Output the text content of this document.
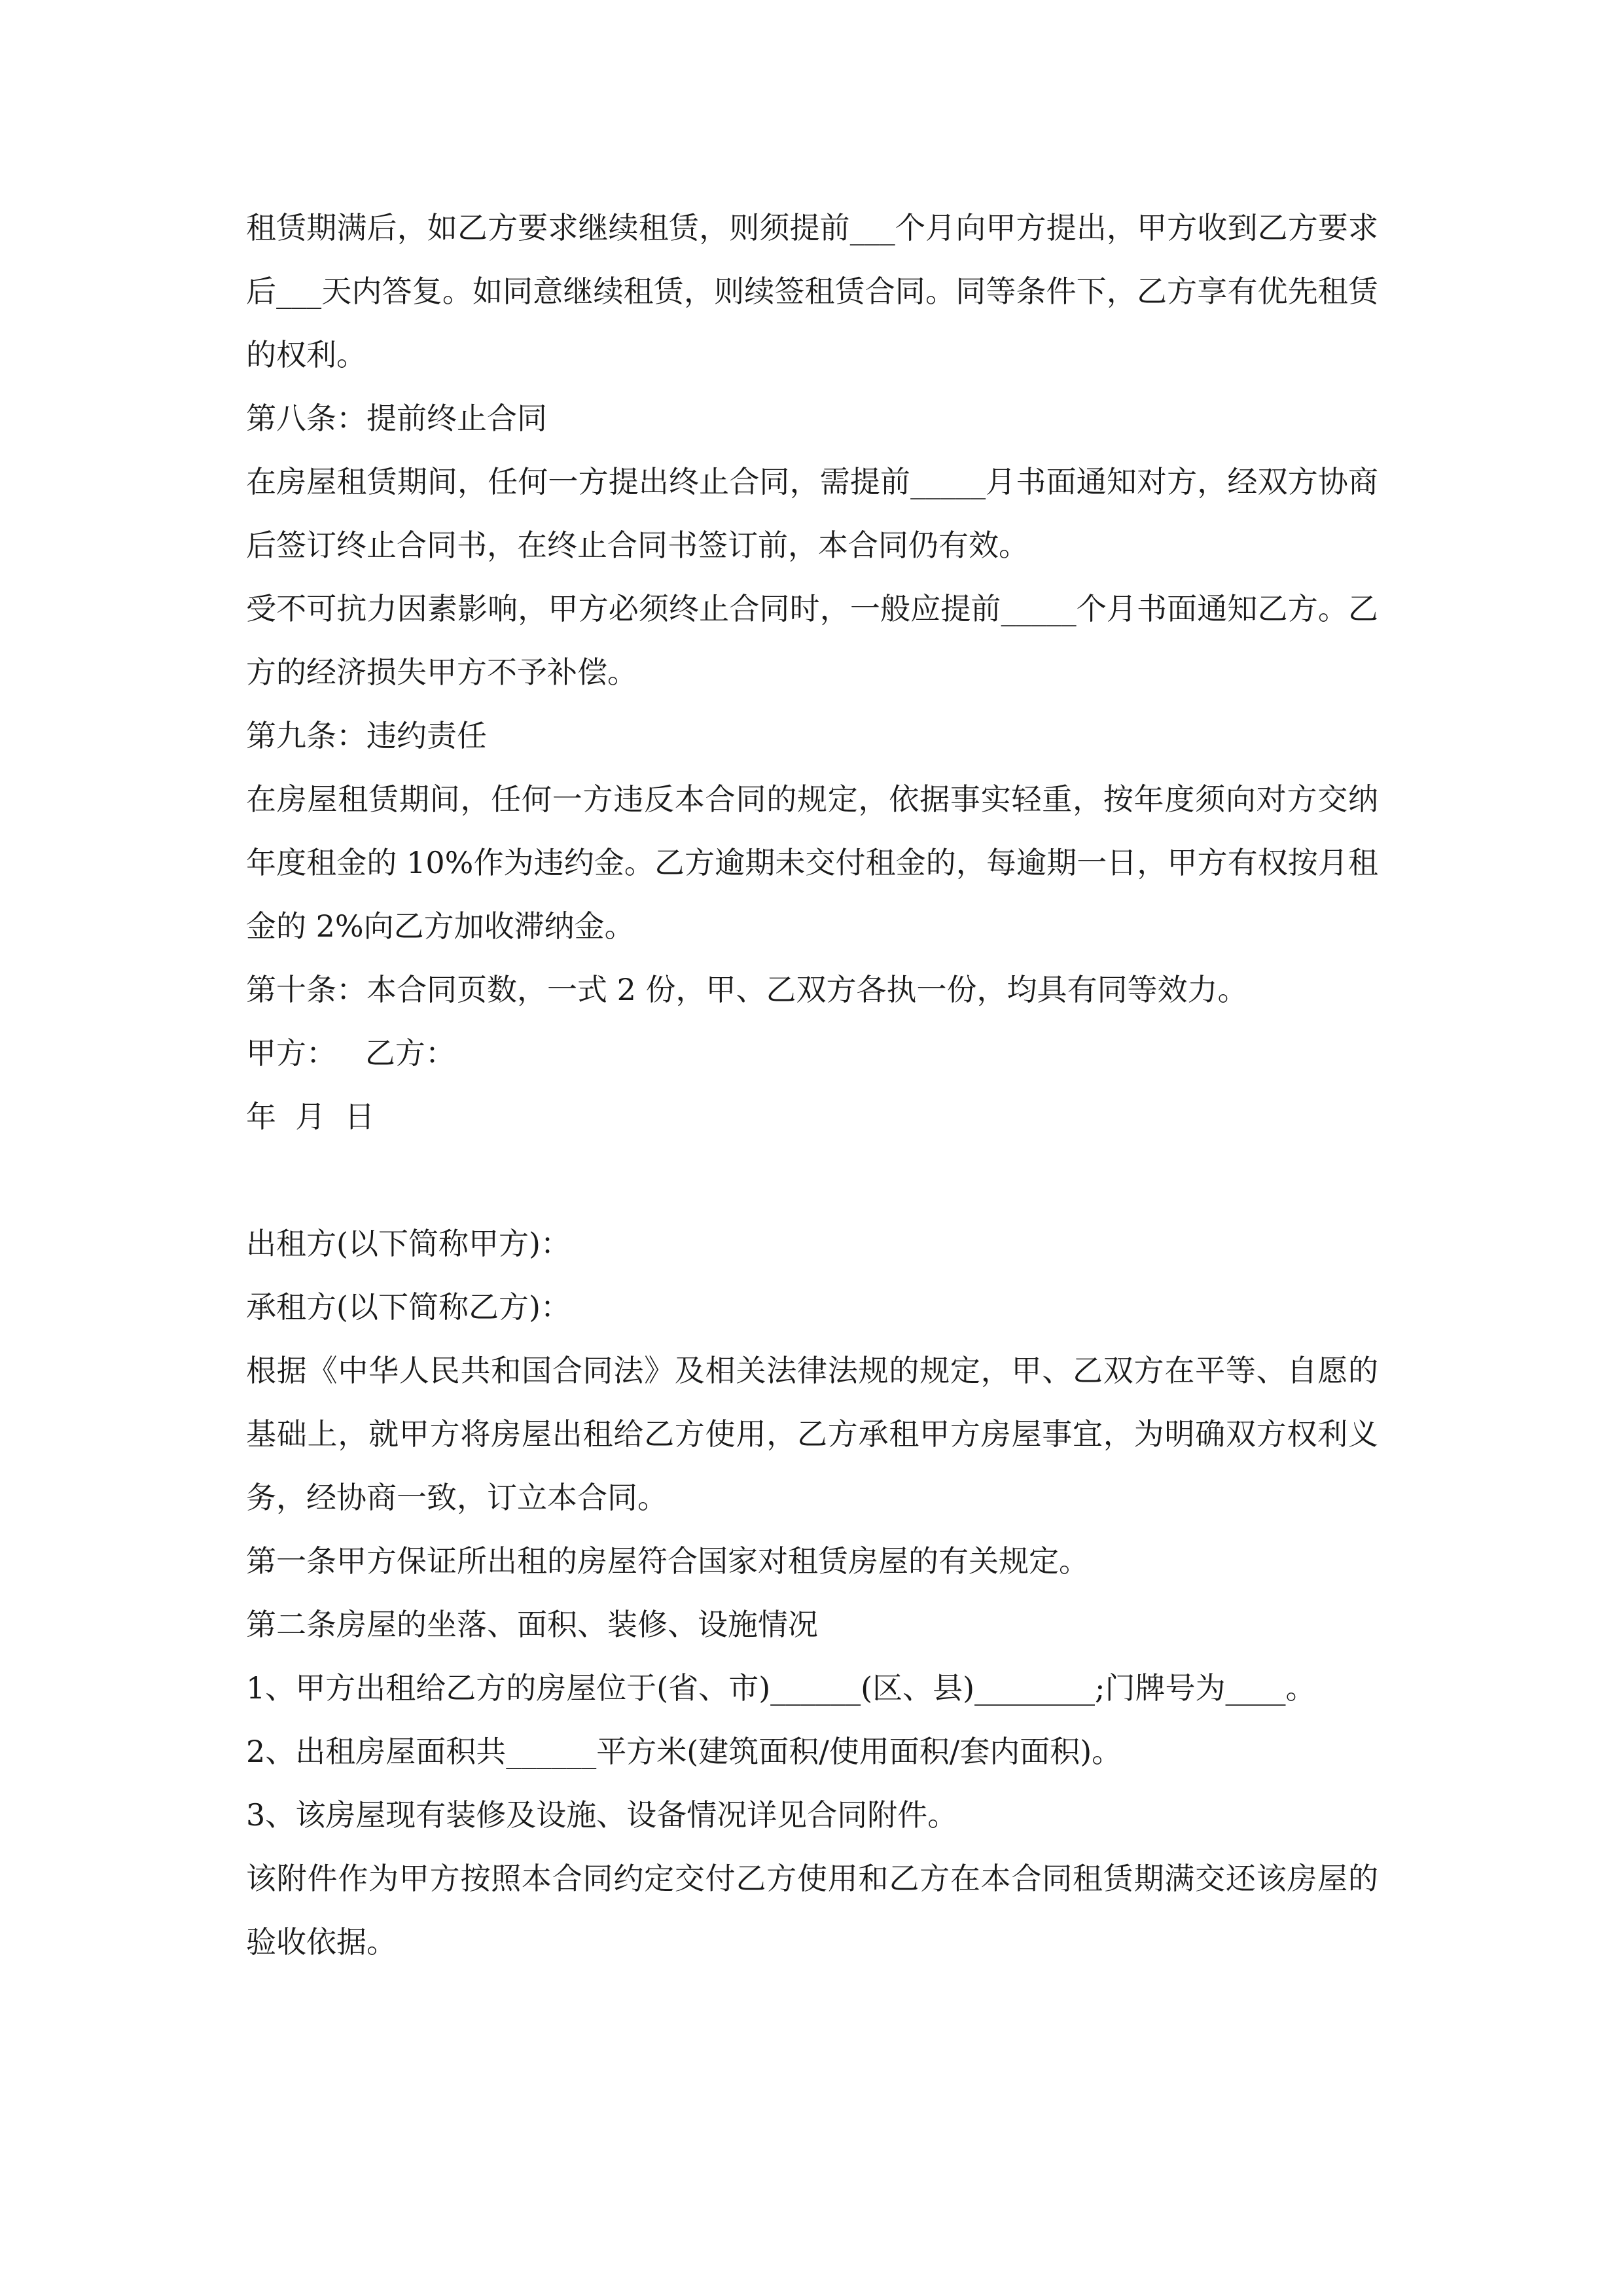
租赁期满后，如乙方要求继续租赁，则须提前___个月向甲方提出，甲方收到乙方要求后___天内答复。如同意继续租赁，则续签租赁合同。同等条件下，乙方享有优先租赁的权利。

第八条：提前终止合同

在房屋租赁期间，任何一方提出终止合同，需提前_____月书面通知对方，经双方协商后签订终止合同书，在终止合同书签订前，本合同仍有效。

受不可抗力因素影响，甲方必须终止合同时，一般应提前_____个月书面通知乙方。乙方的经济损失甲方不予补偿。

第九条：违约责任

在房屋租赁期间，任何一方违反本合同的规定，依据事实轻重，按年度须向对方交纳年度租金的 10%作为违约金。乙方逾期未交付租金的，每逾期一日，甲方有权按月租金的 2%向乙方加收滞纳金。

第十条：本合同页数，一式 2 份，甲、乙双方各执一份，均具有同等效力。

甲方：   乙方：

年  月  日

出租方(以下简称甲方)：

承租方(以下简称乙方)：

根据《中华人民共和国合同法》及相关法律法规的规定，甲、乙双方在平等、自愿的基础上，就甲方将房屋出租给乙方使用，乙方承租甲方房屋事宜，为明确双方权利义务，经协商一致，订立本合同。

第一条甲方保证所出租的房屋符合国家对租赁房屋的有关规定。

第二条房屋的坐落、面积、装修、设施情况

1、甲方出租给乙方的房屋位于(省、市)______(区、县)________;门牌号为____。

2、出租房屋面积共______平方米(建筑面积/使用面积/套内面积)。

3、该房屋现有装修及设施、设备情况详见合同附件。

该附件作为甲方按照本合同约定交付乙方使用和乙方在本合同租赁期满交还该房屋的验收依据。
